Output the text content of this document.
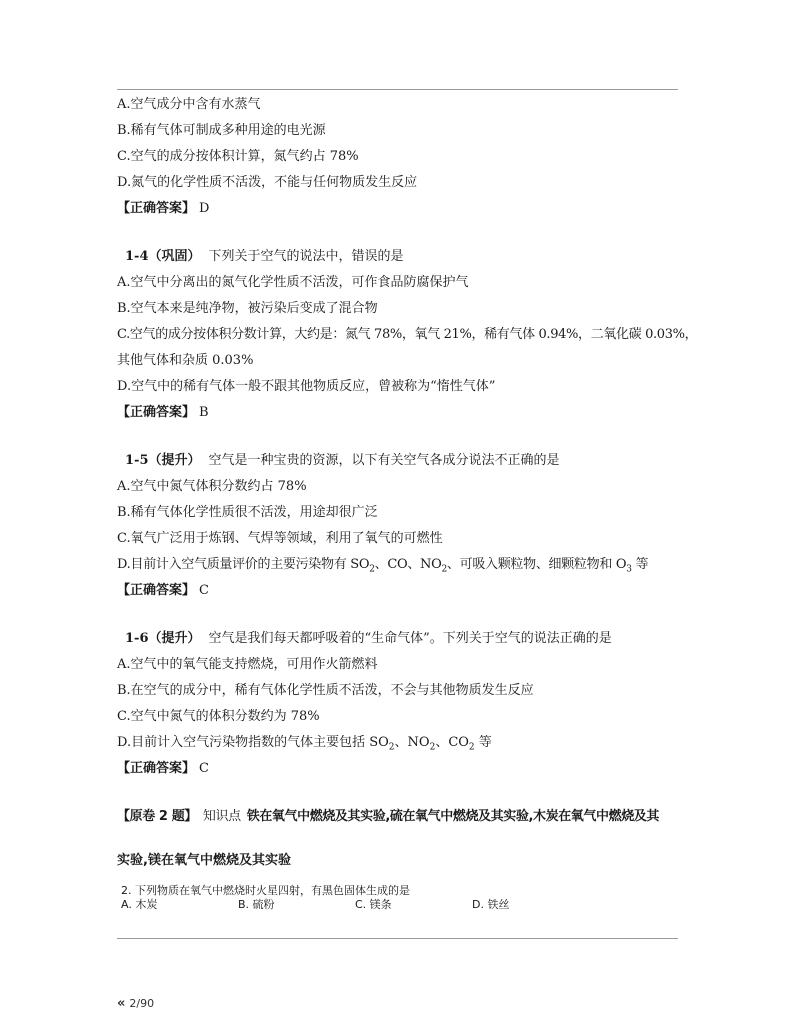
A.空气成分中含有水蒸气
B.稀有气体可制成多种用途的电光源
C.空气的成分按体积计算，氮气约占 78%
D.氮气的化学性质不活泼，不能与任何物质发生反应
【正确答案】 D
1-4（巩固） 下列关于空气的说法中，错误的是
A.空气中分离出的氮气化学性质不活泼，可作食品防腐保护气
B.空气本来是纯净物，被污染后变成了混合物
C.空气的成分按体积分数计算，大约是：氮气 78%，氧气 21%，稀有气体 0.94%，二氧化碳 0.03%，
其他气体和杂质 0.03%
D.空气中的稀有气体一般不跟其他物质反应，曾被称为“惰性气体”
【正确答案】 B
1-5（提升） 空气是一种宝贵的资源，以下有关空气各成分说法不正确的是
A.空气中氮气体积分数约占 78%
B.稀有气体化学性质很不活泼，用途却很广泛
C.氧气广泛用于炼钢、气焊等领域，利用了氧气的可燃性
D.目前计入空气质量评价的主要污染物有 $SO_2$、CO、$NO_2$、可吸入颗粒物、细颗粒物和 $O_3$ 等
【正确答案】 C
1-6（提升） 空气是我们每天都呼吸着的“生命气体”。下列关于空气的说法正确的是
A.空气中的氧气能支持燃烧，可用作火箭燃料
B.在空气的成分中，稀有气体化学性质不活泼，不会与其他物质发生反应
C.空气中氮气的体积分数约为 78%
D.目前计入空气污染物指数的气体主要包括 $SO_2$、$NO_2$、$CO_2$ 等
【正确答案】 C
【原卷 2 题】 知识点 铁在氧气中燃烧及其实验,硫在氧气中燃烧及其实验,木炭在氧气中燃烧及其
实验,镁在氧气中燃烧及其实验
2. 下列物质在氧气中燃烧时火星四射，有黑色固体生成的是
A. 木炭	B. 硫粉	C. 镁条	D. 铁丝
« 2/90
